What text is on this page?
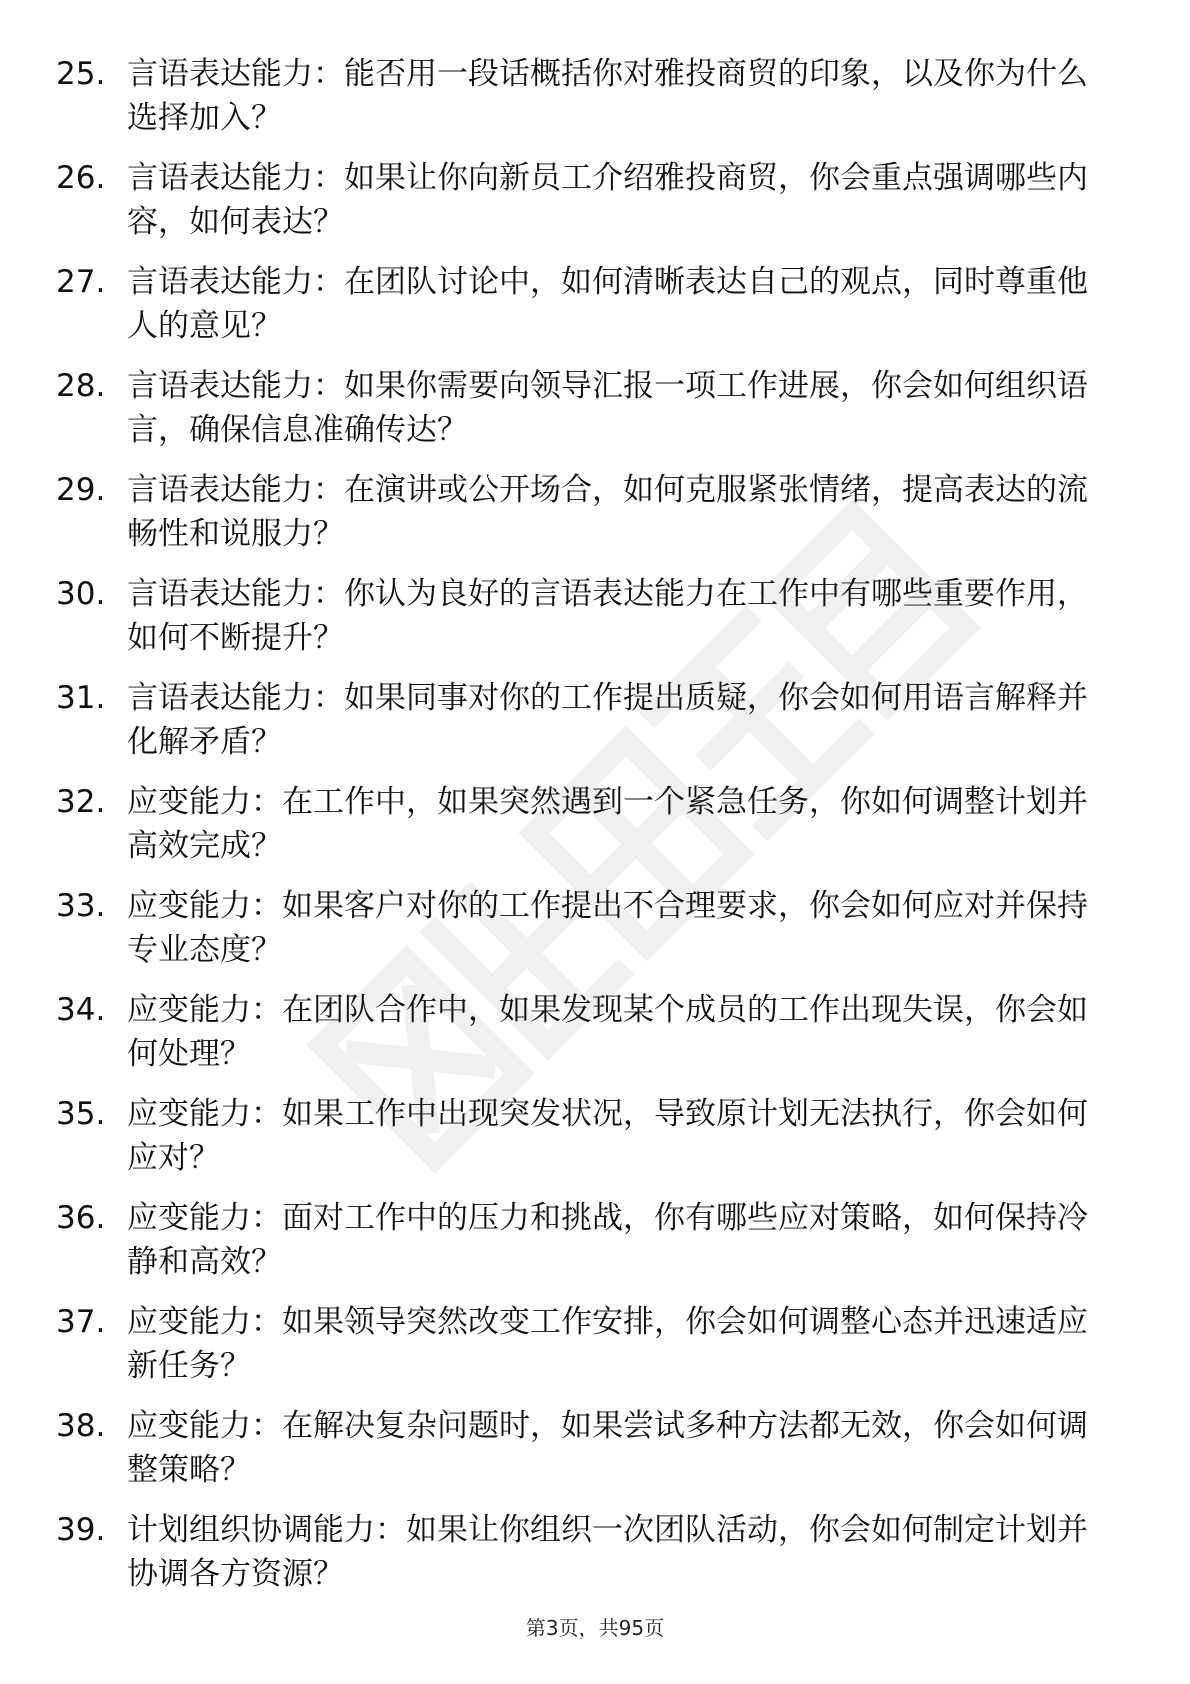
25. 言语表达能力：能否用一段话概括你对雅投商贸的印象，以及你为什么选择加入？
26. 言语表达能力：如果让你向新员工介绍雅投商贸，你会重点强调哪些内容，如何表达？
27. 言语表达能力：在团队讨论中，如何清晰表达自己的观点，同时尊重他人的意见？
28. 言语表达能力：如果你需要向领导汇报一项工作进展，你会如何组织语言，确保信息准确传达？
29. 言语表达能力：在演讲或公开场合，如何克服紧张情绪，提高表达的流畅性和说服力？
30. 言语表达能力：你认为良好的言语表达能力在工作中有哪些重要作用，如何不断提升？
31. 言语表达能力：如果同事对你的工作提出质疑，你会如何用语言解释并化解矛盾？
32. 应变能力：在工作中，如果突然遇到一个紧急任务，你如何调整计划并高效完成？
33. 应变能力：如果客户对你的工作提出不合理要求，你会如何应对并保持专业态度？
34. 应变能力：在团队合作中，如果发现某个成员的工作出现失误，你会如何处理？
35. 应变能力：如果工作中出现突发状况，导致原计划无法执行，你会如何应对？
36. 应变能力：面对工作中的压力和挑战，你有哪些应对策略，如何保持冷静和高效？
37. 应变能力：如果领导突然改变工作安排，你会如何调整心态并迅速适应新任务？
38. 应变能力：在解决复杂问题时，如果尝试多种方法都无效，你会如何调整策略？
39. 计划组织协调能力：如果让你组织一次团队活动，你会如何制定计划并协调各方资源？
第3页，共95页
